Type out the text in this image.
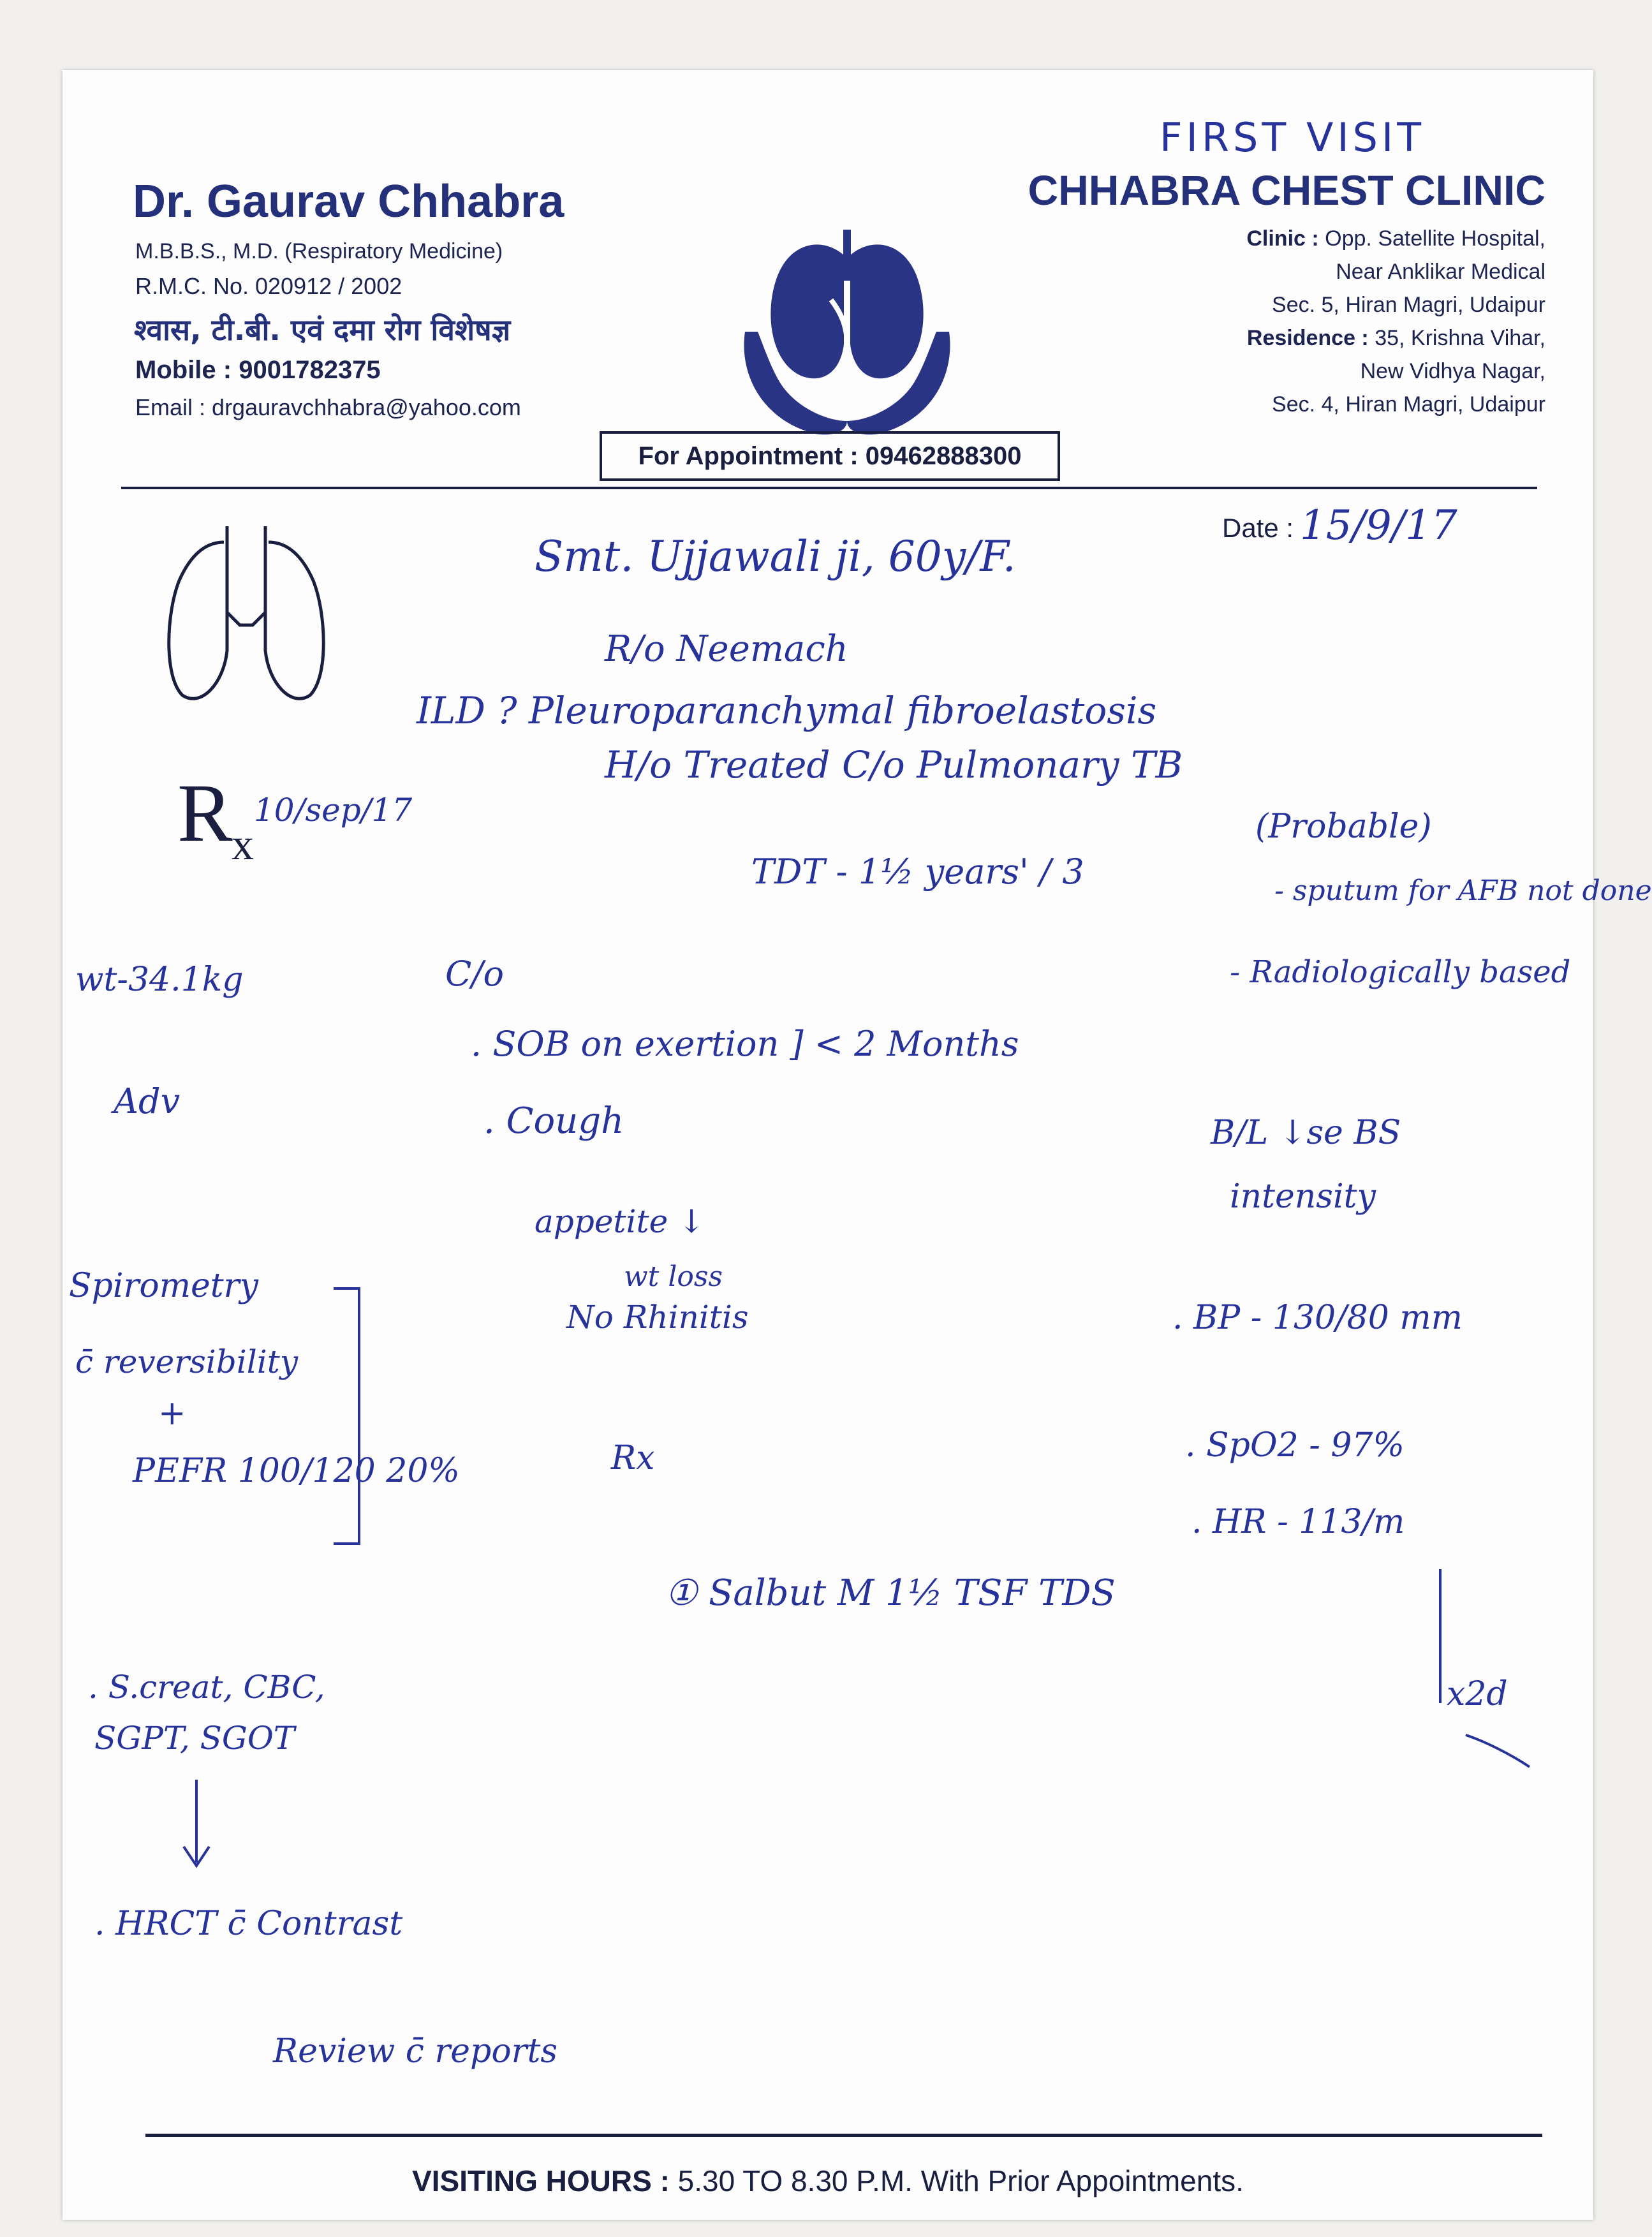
Dr. Gaurav Chhabra
M.B.B.S., M.D. (Respiratory Medicine)
R.M.C. No. 020912 / 2002
श्वास, टी.बी. एवं दमा रोग विशेषज्ञ
Mobile : 9001782375
Email : drgauravchhabra@yahoo.com
FIRST VISIT
CHHABRA CHEST CLINIC
Clinic : Opp. Satellite Hospital,
Near Anklikar Medical
Sec. 5, Hiran Magri, Udaipur
Residence : 35, Krishna Vihar,
New Vidhya Nagar,
Sec. 4, Hiran Magri, Udaipur
For Appointment : 09462888300
R
x
Date : 15/9/17
Smt. Ujjawali ji, 60y/F.
R/o Neemach
ILD ? Pleuroparanchymal fibroelastosis
H/o Treated C/o Pulmonary TB
(Probable)
10/sep/17
TDT - 1½ years' / 3	- sputum for AFB not done
- Radiologically based
wt-34.1kg	C/o
Adv
. SOB on exertion ] < 2 Months
. Cough
appetite ↓
wt loss
No Rhinitis
B/L ↓se BS
intensity
. BP - 130/80 mm
. SpO2 - 97%
. HR - 113/m
Spirometry
c̄ reversibility
+
PEFR 100/120 20%	Rx
① Salbut M 1½ TSF TDS
x2d
. S.creat, CBC,
SGPT, SGOT
. HRCT c̄ Contrast
Review c̄ reports
VISITING HOURS : 5.30 TO 8.30 P.M. With Prior Appointments.
